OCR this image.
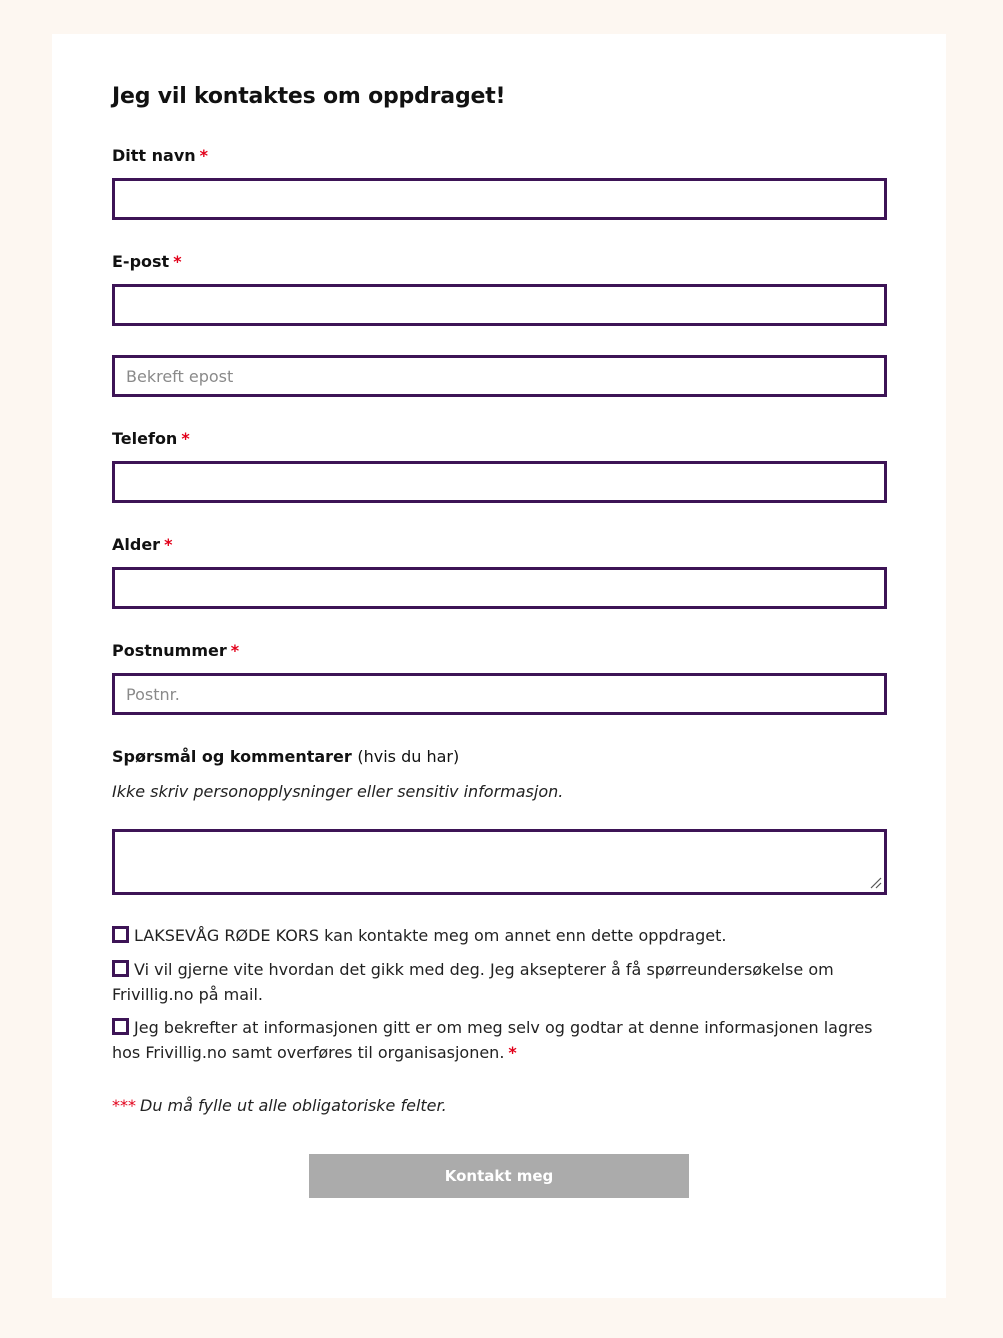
Jeg vil kontaktes om oppdraget!
Ditt navn *
E-post *
Bekreft epost
Telefon *
Alder *
Postnummer *
Postnr.
Spørsmål og kommentarer (hvis du har)
Ikke skriv personopplysninger eller sensitiv informasjon.
LAKSEVÅG RØDE KORS kan kontakte meg om annet enn dette oppdraget.
Vi vil gjerne vite hvordan det gikk med deg. Jeg aksepterer å få spørreundersøkelse om Frivillig.no på mail.
Jeg bekrefter at informasjonen gitt er om meg selv og godtar at denne informasjonen lagres hos Frivillig.no samt overføres til organisasjonen. *
*** Du må fylle ut alle obligatoriske felter.
Kontakt meg
